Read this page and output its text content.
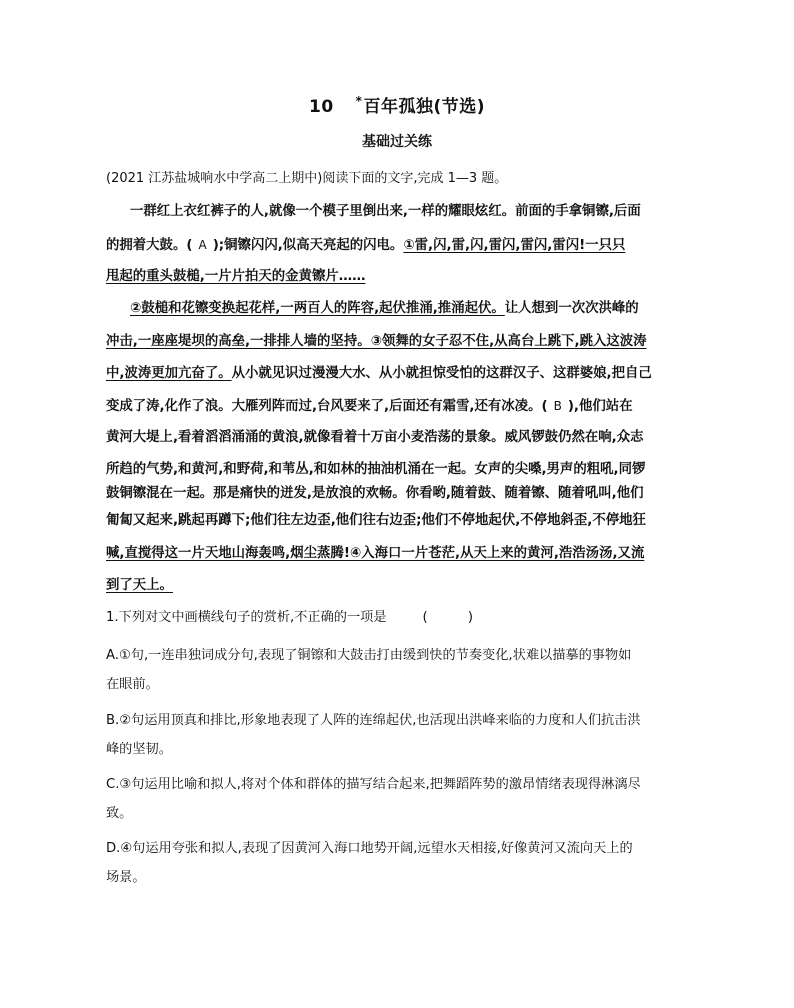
10 *百年孤独(节选)
基础过关练
(2021 江苏盐城响水中学高二上期中)阅读下面的文字,完成 1—3 题。
一群红上衣红裤子的人,就像一个模子里倒出来,一样的耀眼炫红。前面的手拿铜镲,后面
的拥着大鼓。( A );铜镲闪闪,似高天亮起的闪电。①雷,闪,雷,闪,雷闪,雷闪,雷闪!一只只
甩起的重头鼓槌,一片片拍天的金黄镲片……
②鼓槌和花镲变换起花样,一两百人的阵容,起伏推涌,推涌起伏。让人想到一次次洪峰的
冲击,一座座堤坝的高垒,一排排人墙的坚持。③领舞的女子忍不住,从高台上跳下,跳入这波涛
中,波涛更加亢奋了。从小就见识过漫漫大水、从小就担惊受怕的这群汉子、这群婆娘,把自己
变成了涛,化作了浪。大雁列阵而过,台风要来了,后面还有霜雪,还有冰凌。( B ),他们站在
黄河大堤上,看着滔滔涌涌的黄浪,就像看着十万亩小麦浩荡的景象。威风锣鼓仍然在响,众志
所趋的气势,和黄河,和野荷,和苇丛,和如林的抽油机涌在一起。女声的尖嗓,男声的粗吼,同锣
鼓铜镲混在一起。那是痛快的迸发,是放浪的欢畅。你看哟,随着鼓、随着镲、随着吼叫,他们
匍匐又起来,跳起再蹲下;他们往左边歪,他们往右边歪;他们不停地起伏,不停地斜歪,不停地狂
喊,直搅得这一片天地山海轰鸣,烟尘蒸腾!④入海口一片苍茫,从天上来的黄河,浩浩汤汤,又流
到了天上。
1.下列对文中画横线句子的赏析,不正确的一项是	( )
A.①句,一连串独词成分句,表现了铜镲和大鼓击打由缓到快的节奏变化,状难以描摹的事物如
在眼前。
B.②句运用顶真和排比,形象地表现了人阵的连绵起伏,也活现出洪峰来临的力度和人们抗击洪
峰的坚韧。
C.③句运用比喻和拟人,将对个体和群体的描写结合起来,把舞蹈阵势的激昂情绪表现得淋漓尽
致。
D.④句运用夸张和拟人,表现了因黄河入海口地势开阔,远望水天相接,好像黄河又流向天上的
场景。
